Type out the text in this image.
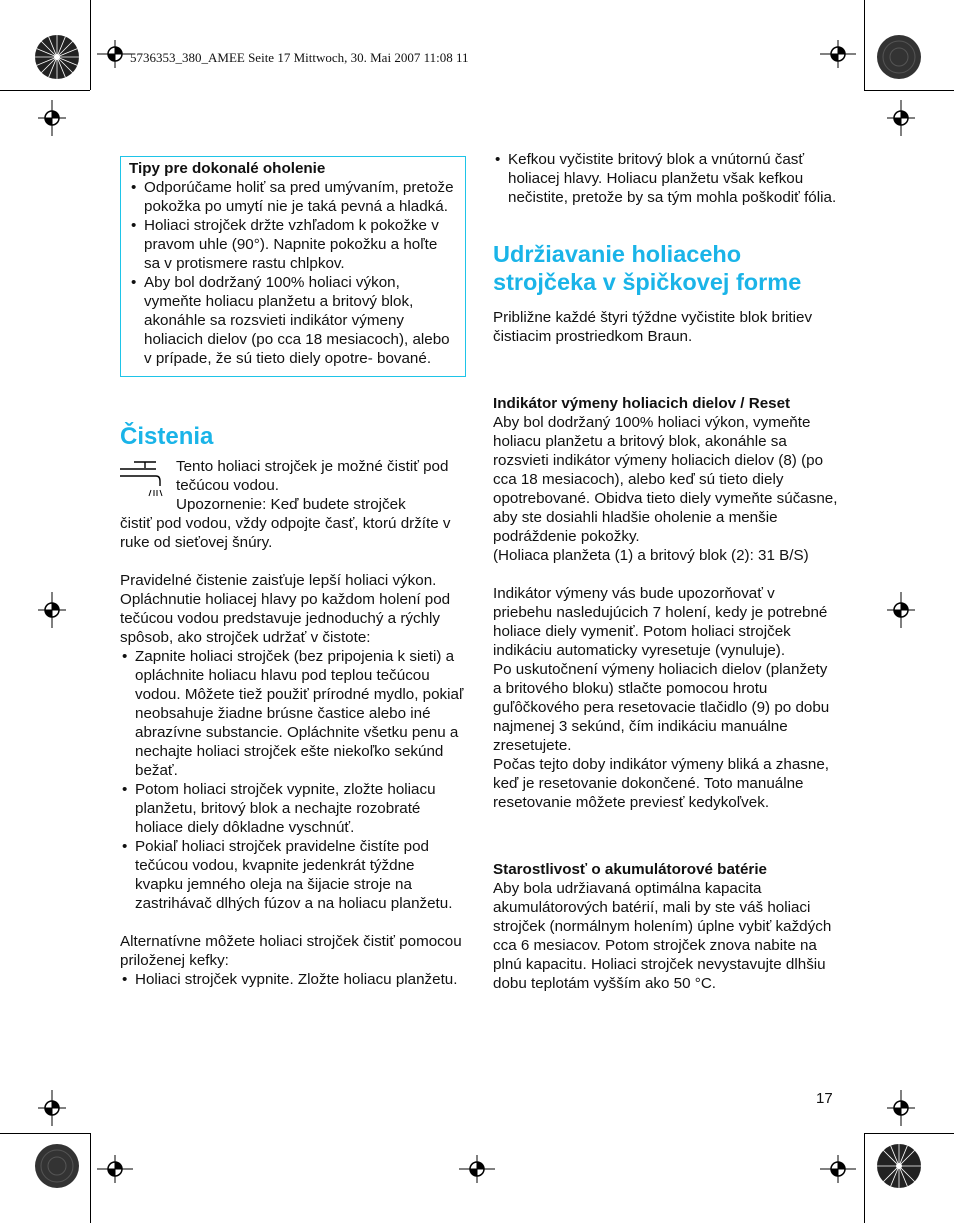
5736353_380_AMEE Seite 17 Mittwoch, 30. Mai 2007 11:08 11

Tipy pre dokonalé oholenie

• Odporúčame holiť sa pred umývaním, pretože pokožka po umytí nie je taká pevná a hladká.
• Holiaci strojček držte vzhľadom k pokožke v pravom uhle (90°). Napnite pokožku a hoľte sa v protismere rastu chlpkov.
• Aby bol dodržaný 100% holiaci výkon, vymeňte holiacu planžetu a britový blok, akonáhle sa rozsvieti indikátor výmeny holiacich dielov (po cca 18 mesiacoch), alebo v prípade, že sú tieto diely opotre- bované.
Čistenia

Tento holiaci strojček je možné čistiť pod tečúcou vodou.

Upozornenie: Keď budete strojček

čistiť pod vodou, vždy odpojte časť, ktorú držíte v ruke od sieťovej šnúry.

Pravidelné čistenie zaisťuje lepší holiaci výkon. Opláchnutie holiacej hlavy po každom holení pod tečúcou vodou predstavuje jednoduchý a rýchly spôsob, ako strojček udržať v čistote:

• Zapnite holiaci strojček (bez pripojenia k sieti) a opláchnite holiacu hlavu pod teplou tečúcou vodou. Môžete tiež použiť prírodné mydlo, pokiaľ neobsahuje žiadne brúsne častice alebo iné abrazívne substancie. Opláchnite všetku penu a nechajte holiaci strojček ešte niekoľko sekúnd bežať.
• Potom holiaci strojček vypnite, zložte holiacu planžetu, britový blok a nechajte rozobraté holiace diely dôkladne vyschnúť.
• Pokiaľ holiaci strojček pravidelne čistíte pod tečúcou vodou, kvapnite jedenkrát týždne kvapku jemného oleja na šijacie stroje na zastrihávač dlhých fúzov a na holiacu planžetu.

Alternatívne môžete holiaci strojček čistiť pomocou priloženej kefky:

• Holiaci strojček vypnite. Zložte holiacu planžetu.
• Kefkou vyčistite britový blok a vnútornú časť holiacej hlavy. Holiacu planžetu však kefkou nečistite, pretože by sa tým mohla poškodiť fólia.
Udržiavanie holiaceho strojčeka v špičkovej forme

Približne každé štyri týždne vyčistite blok britiev čistiacim prostriedkom Braun.

Indikátor výmeny holiacich dielov / Reset

Aby bol dodržaný 100% holiaci výkon, vymeňte holiacu planžetu a britový blok, akonáhle sa rozsvieti indikátor výmeny holiacich dielov (8) (po cca 18 mesiacoch), alebo keď sú tieto diely opotrebované. Obidva tieto diely vymeňte súčasne, aby ste dosiahli hladšie oholenie a menšie podráždenie pokožky.

(Holiaca planžeta (1) a britový blok (2): 31 B/S)

Indikátor výmeny vás bude upozorňovať v priebehu nasledujúcich 7 holení, kedy je potrebné holiace diely vymeniť. Potom holiaci strojček indikáciu automaticky vyresetuje (vynuluje).

Po uskutočnení výmeny holiacich dielov (planžety a britového bloku) stlačte pomocou hrotu guľôčkového pera resetovacie tlačidlo (9) po dobu najmenej 3 sekúnd, čím indikáciu manuálne zresetujete.

Počas tejto doby indikátor výmeny bliká a zhasne, keď je resetovanie dokončené. Toto manuálne resetovanie môžete previesť kedykoľvek.

Starostlivosť o akumulátorové batérie

Aby bola udržiavaná optimálna kapacita akumulátorových batérií, mali by ste váš holiaci strojček (normálnym holením) úplne vybiť každých cca 6 mesiacov. Potom strojček znova nabite na plnú kapacitu. Holiaci strojček nevystavujte dlhšiu dobu teplotám vyšším ako 50 °C.

17
